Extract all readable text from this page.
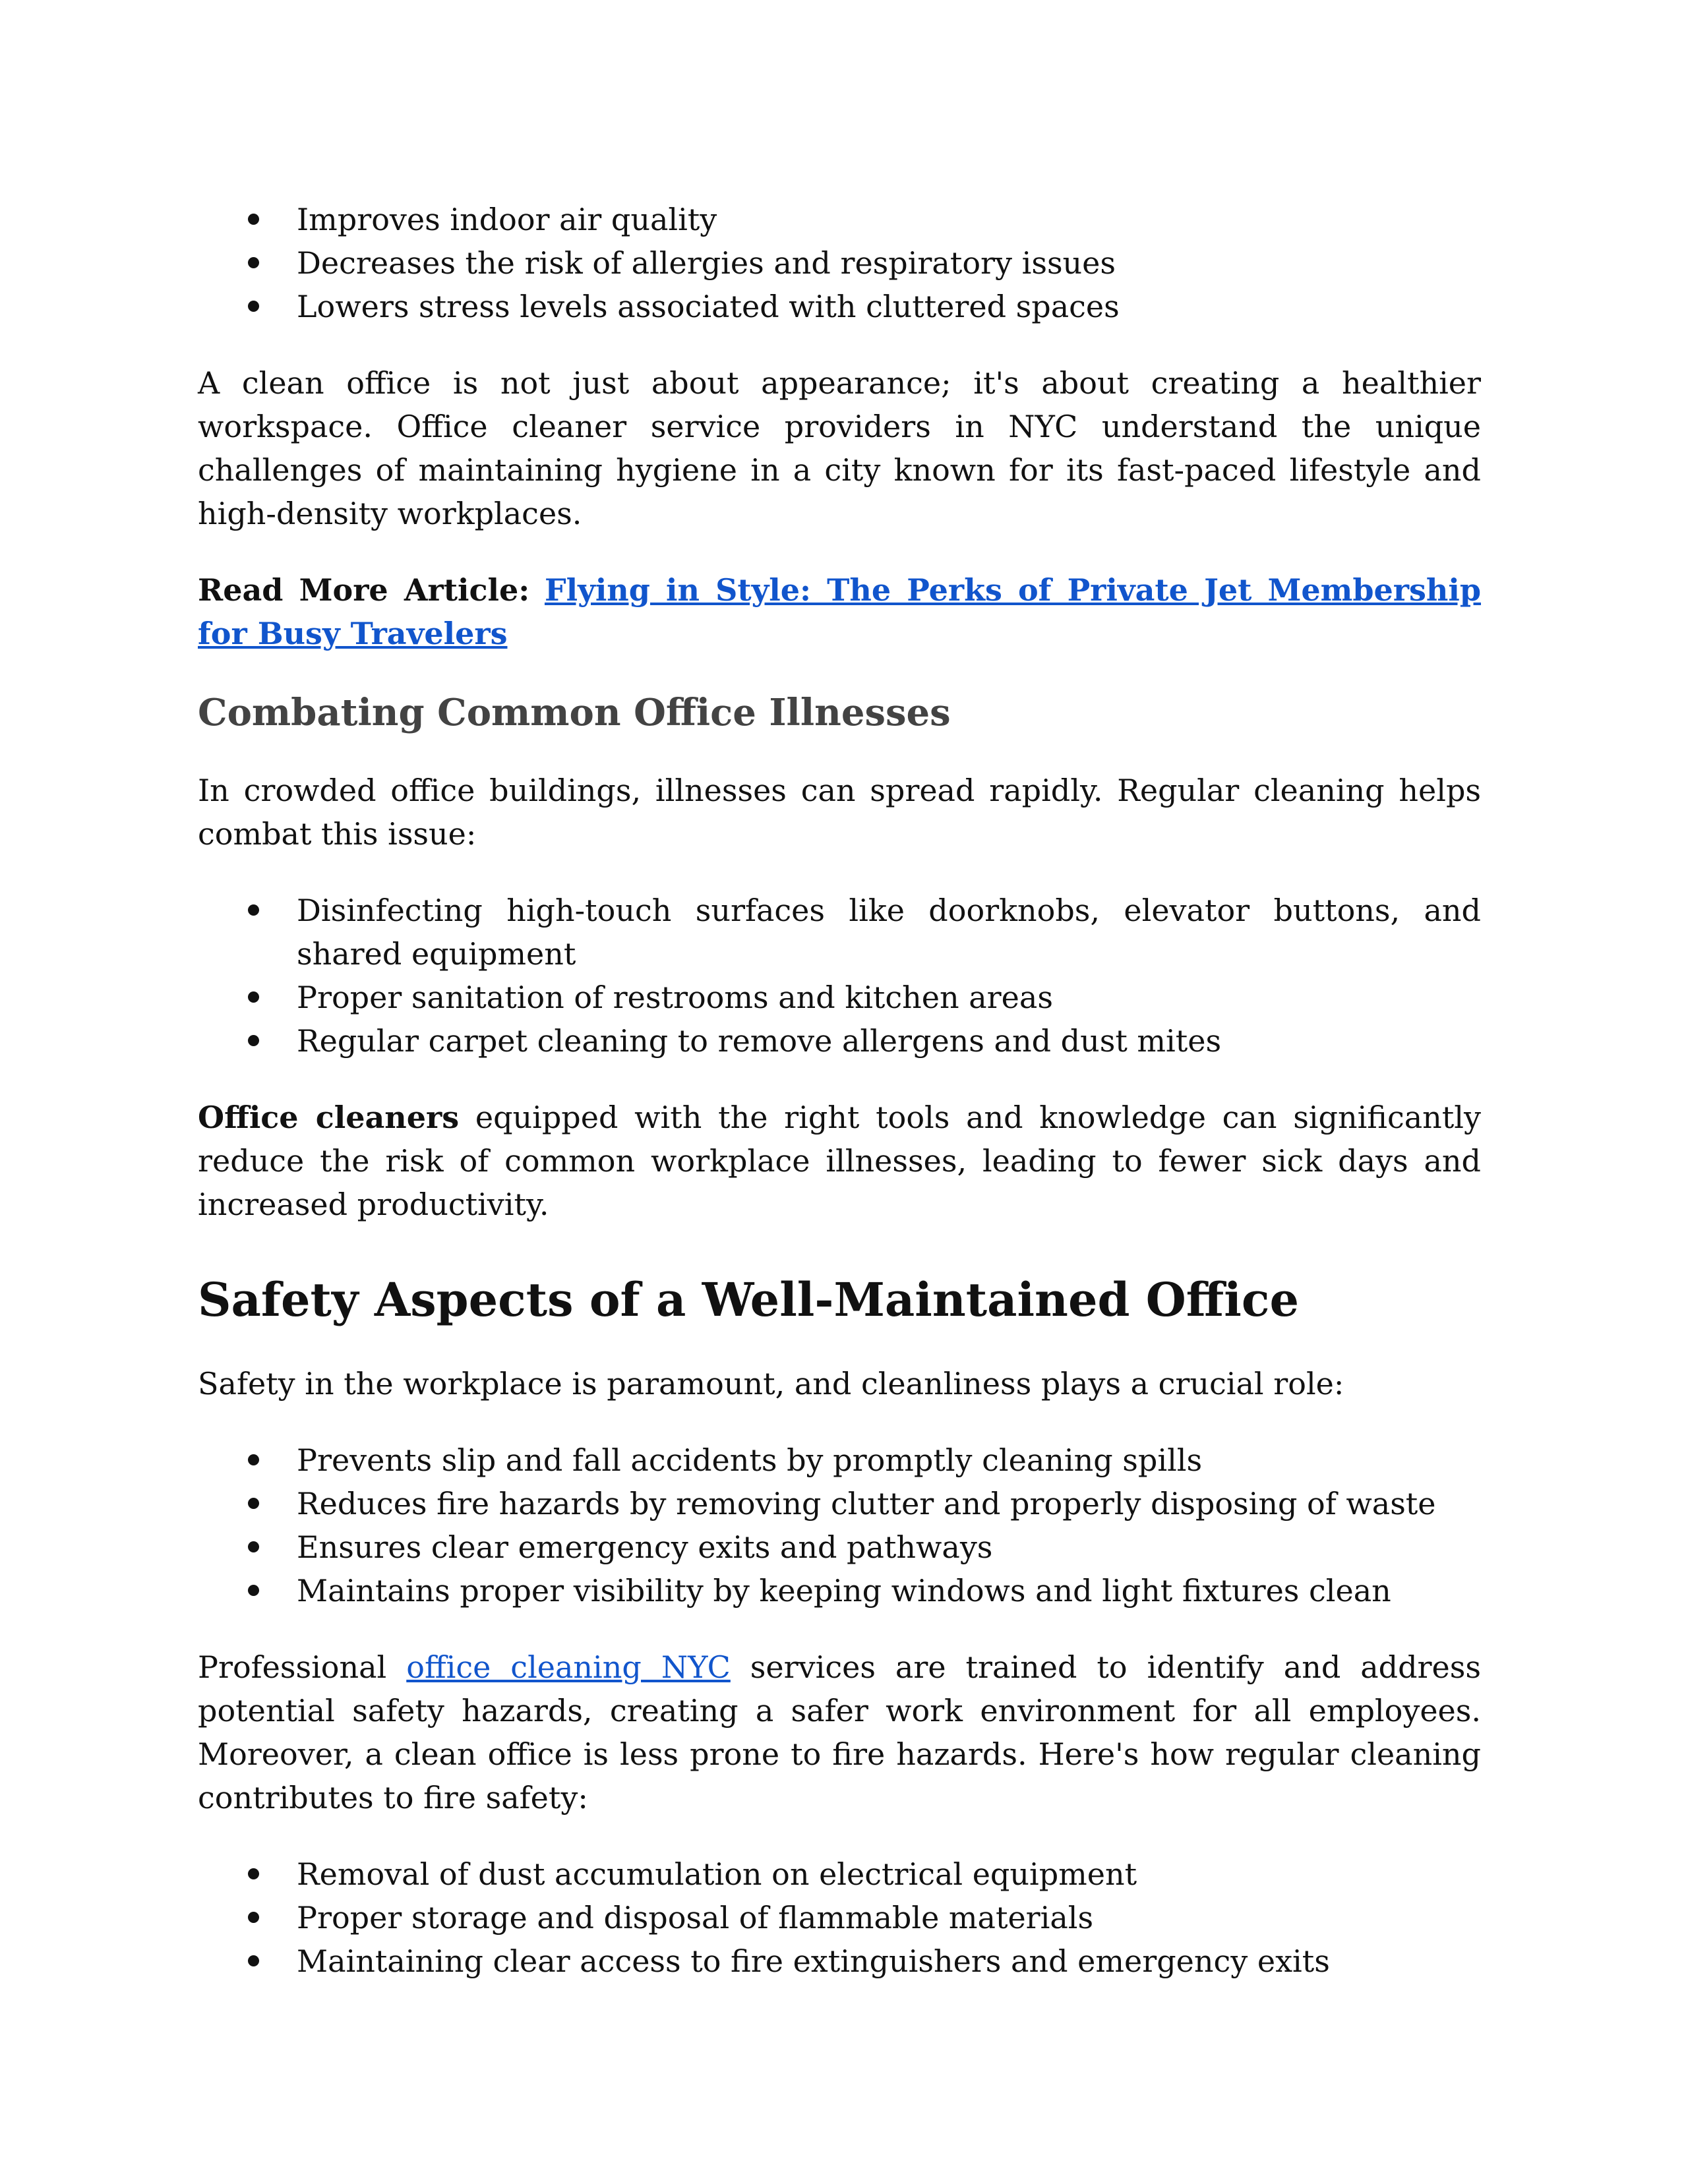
Improves indoor air quality
Decreases the risk of allergies and respiratory issues
Lowers stress levels associated with cluttered spaces

A clean office is not just about appearance; it's about creating a healthier workspace. Office cleaner service providers in NYC understand the unique challenges of maintaining hygiene in a city known for its fast-paced lifestyle and high-density workplaces.

Read More Article: Flying in Style: The Perks of Private Jet Membership for Busy Travelers

Combating Common Office Illnesses

In crowded office buildings, illnesses can spread rapidly. Regular cleaning helps combat this issue:

Disinfecting high-touch surfaces like doorknobs, elevator buttons, and shared equipment
Proper sanitation of restrooms and kitchen areas
Regular carpet cleaning to remove allergens and dust mites

Office cleaners equipped with the right tools and knowledge can significantly reduce the risk of common workplace illnesses, leading to fewer sick days and increased productivity.

Safety Aspects of a Well-Maintained Office

Safety in the workplace is paramount, and cleanliness plays a crucial role:

Prevents slip and fall accidents by promptly cleaning spills
Reduces fire hazards by removing clutter and properly disposing of waste
Ensures clear emergency exits and pathways
Maintains proper visibility by keeping windows and light fixtures clean

Professional office cleaning NYC services are trained to identify and address potential safety hazards, creating a safer work environment for all employees. Moreover, a clean office is less prone to fire hazards. Here's how regular cleaning contributes to fire safety:

Removal of dust accumulation on electrical equipment
Proper storage and disposal of flammable materials
Maintaining clear access to fire extinguishers and emergency exits
